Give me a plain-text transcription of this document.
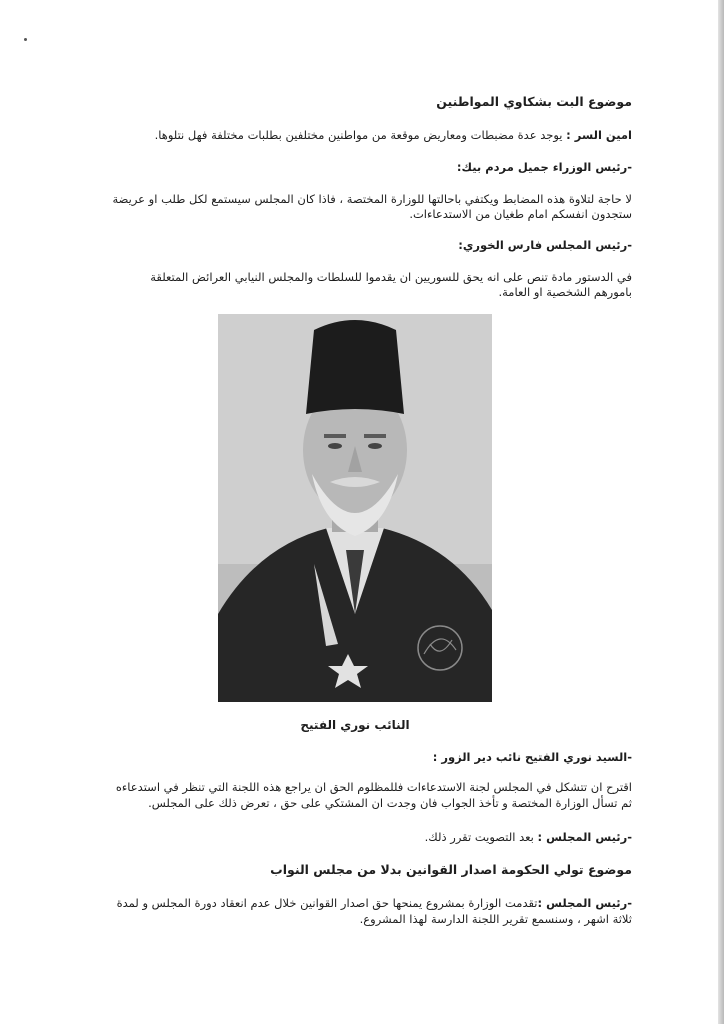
موضوع البت بشكاوي المواطنين
امين السر : يوجد عدة مضبطات ومعاريض موقعة من مواطنين مختلفين بطلبات مختلفة فهل نتلوها.
-رئيس الوزراء جميل مردم بيك:
لا حاجة لتلاوة هذه المضابط ويكتفي باحالتها للوزارة المختصة ، فاذا كان المجلس سيستمع لكل طلب او عريضة
ستجدون انفسكم امام طغيان من الاستدعاءات.
-رئيس المجلس فارس الخوري:
في الدستور مادة تنص على انه يحق للسوريين ان يقدموا للسلطات والمجلس النيابي العرائض المتعلقة
بامورهم الشخصية او العامة.
النائب نوري الفتيح
-السيد نوري الفتيح نائب دير الزور :
اقترح ان تتشكل في المجلس لجنة الاستدعاءات فللمظلوم الحق ان يراجع هذه اللجنة التي تنظر في استدعاءه
ثم تسأل الوزارة المختصة و تأخذ الجواب فان وجدت ان المشتكي على حق ، تعرض ذلك على المجلس.
-رئيس المجلس : بعد التصويت تقرر ذلك.
موضوع تولي الحكومة اصدار القوانين بدلا من مجلس النواب
-رئيس المجلس :تقدمت الوزارة بمشروع يمنحها حق اصدار القوانين خلال عدم انعقاد دورة المجلس و لمدة
ثلاثة اشهر ، وسنسمع تقرير اللجنة الدارسة لهذا المشروع.
